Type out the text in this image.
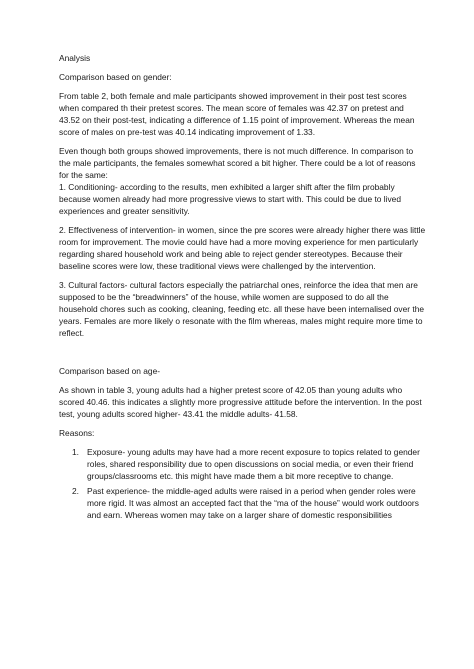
Analysis

Comparison based on gender:

From table 2, both female and male participants showed improvement in their post test scores when compared th their pretest scores. The mean score of females was 42.37 on pretest and 43.52 on their post-test, indicating a difference of 1.15 point of improvement. Whereas the mean score of males on pre-test was 40.14 indicating improvement of 1.33.

Even though both groups showed improvements, there is not much difference. In comparison to the male participants, the females somewhat scored a bit higher. There could be a lot of reasons for the same:

1. Conditioning- according to the results, men exhibited a larger shift after the film probably because women already had more progressive views to start with. This could be due to lived experiences and greater sensitivity.

2. Effectiveness of intervention- in women, since the pre scores were already higher there was little room for improvement. The movie could have had a more moving experience for men particularly regarding shared household work and being able to reject gender stereotypes. Because their baseline scores were low, these traditional views were challenged by the intervention.

3. Cultural factors- cultural factors especially the patriarchal ones, reinforce the idea that men are supposed to be the “breadwinners” of the house, while women are supposed to do all the household chores such as cooking, cleaning, feeding etc. all these have been internalised over the years. Females are more likely o resonate with the film whereas, males might require more time to reflect.

Comparison based on age-

As shown in table 3, young adults had a higher pretest score of 42.05 than young adults who scored 40.46. this indicates a slightly more progressive attitude before the intervention. In the post test, young adults scored higher- 43.41 the middle adults- 41.58.

Reasons:

1. Exposure- young adults may have had a more recent exposure to topics related to gender roles, shared responsibility due to open discussions on social media, or even their friend groups/classrooms etc. this might have made them a bit more receptive to change.
2. Past experience- the middle-aged adults were raised in a period when gender roles were more rigid. It was almost an accepted fact that the “ma of the house” would work outdoors and earn. Whereas women may take on a larger share of domestic responsibilities
